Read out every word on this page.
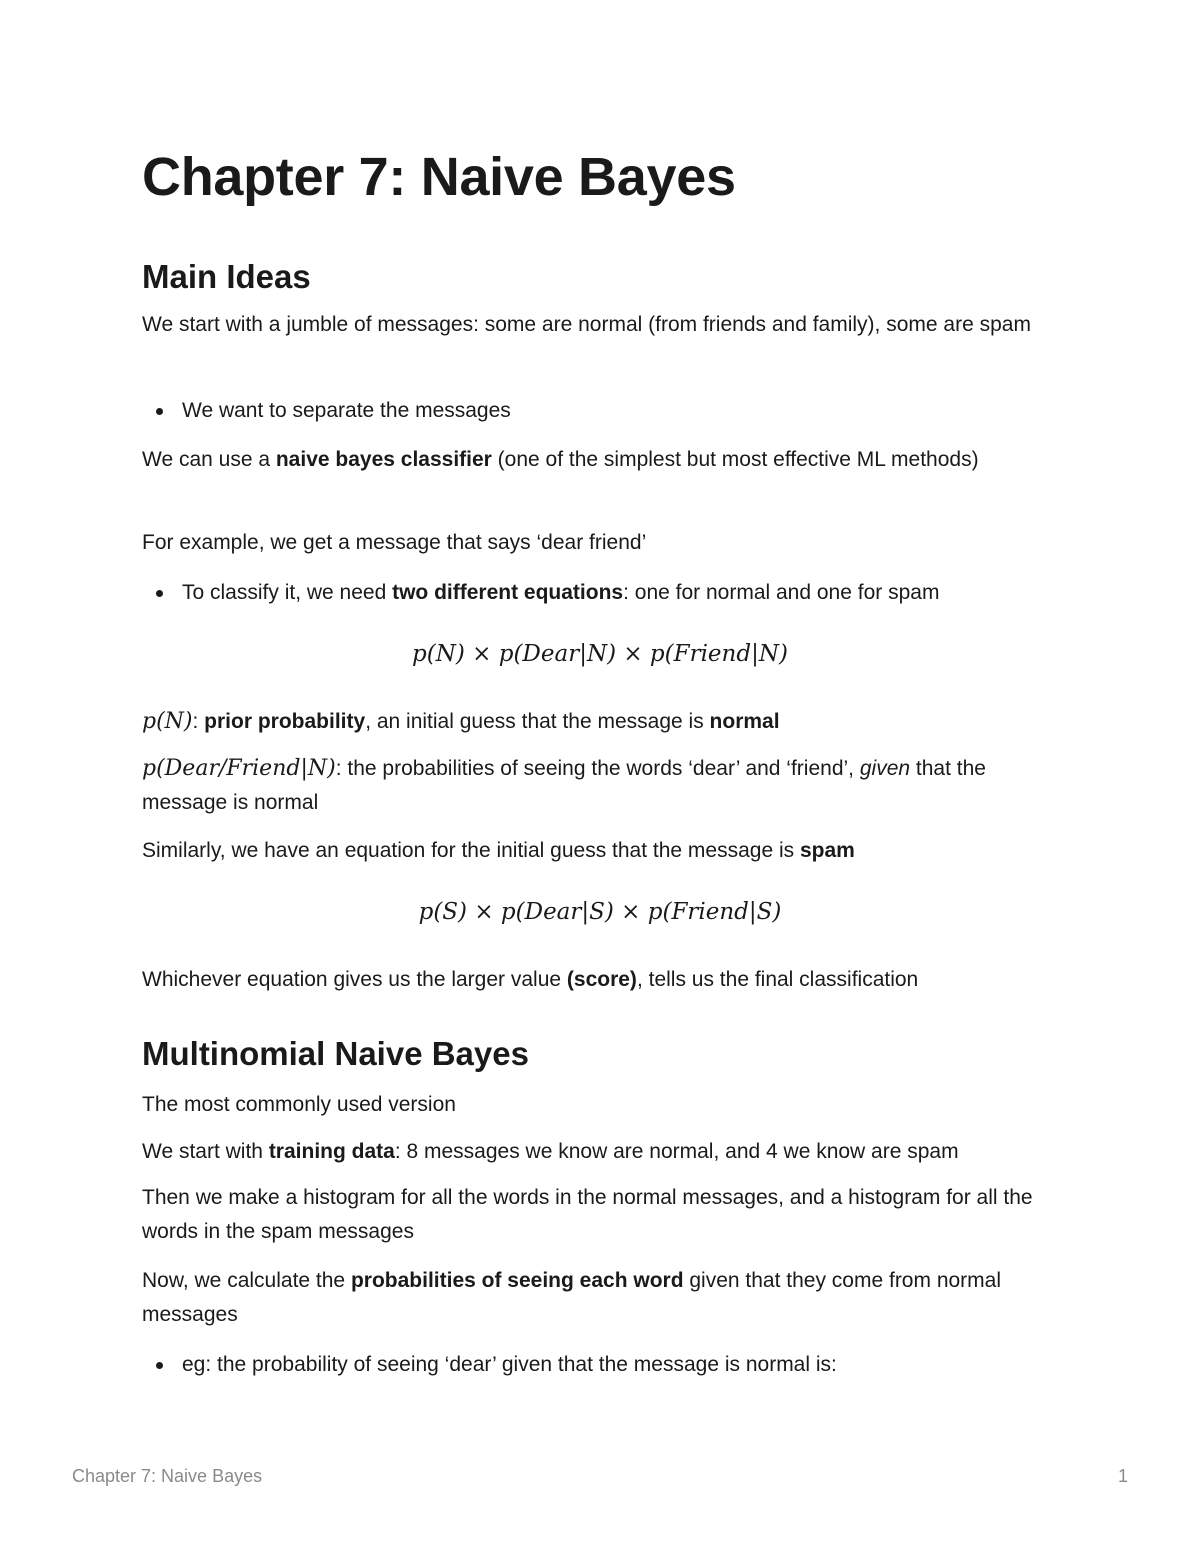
Chapter 7: Naive Bayes
Main Ideas

We start with a jumble of messages: some are normal (from friends and family), some are spam

We want to separate the messages

We can use a naive bayes classifier (one of the simplest but most effective ML methods)

For example, we get a message that says ‘dear friend’

To classify it, we need two different equations: one for normal and one for spam

p(N) × p(Dear|N) × p(Friend|N)

p(N): prior probability, an initial guess that the message is normal

p(Dear/Friend|N): the probabilities of seeing the words ‘dear’ and ‘friend’, given that the message is normal

Similarly, we have an equation for the initial guess that the message is spam

p(S) × p(Dear|S) × p(Friend|S)

Whichever equation gives us the larger value (score), tells us the final classification

Multinomial Naive Bayes

The most commonly used version

We start with training data: 8 messages we know are normal, and 4 we know are spam

Then we make a histogram for all the words in the normal messages, and a histogram for all the words in the spam messages

Now, we calculate the probabilities of seeing each word given that they come from normal messages

eg: the probability of seeing ‘dear’ given that the message is normal is:

Chapter 7: Naive Bayes	1
